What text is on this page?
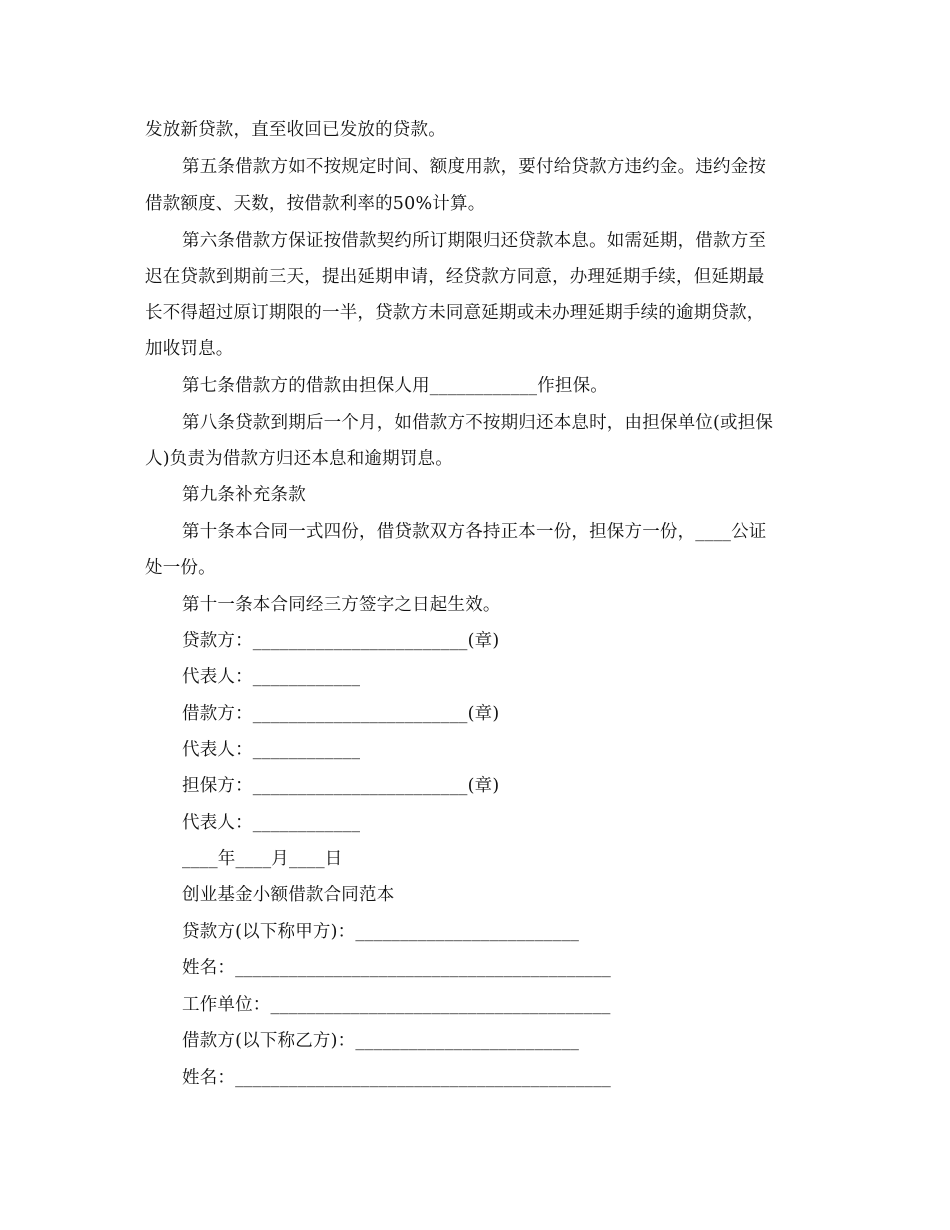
发放新贷款，直至收回已发放的贷款。
第五条借款方如不按规定时间、额度用款，要付给贷款方违约金。违约金按
借款额度、天数，按借款利率的50%计算。
第六条借款方保证按借款契约所订期限归还贷款本息。如需延期，借款方至
迟在贷款到期前三天，提出延期申请，经贷款方同意，办理延期手续，但延期最
长不得超过原订期限的一半，贷款方未同意延期或未办理延期手续的逾期贷款，
加收罚息。
第七条借款方的借款由担保人用____________作担保。
第八条贷款到期后一个月，如借款方不按期归还本息时，由担保单位(或担保
人)负责为借款方归还本息和逾期罚息。
第九条补充条款
第十条本合同一式四份，借贷款双方各持正本一份，担保方一份，____公证
处一份。
第十一条本合同经三方签字之日起生效。
贷款方：________________________(章)
代表人：____________
借款方：________________________(章)
代表人：____________
担保方：________________________(章)
代表人：____________
____年____月____日
创业基金小额借款合同范本
贷款方(以下称甲方)：_________________________
姓名：__________________________________________
工作单位：______________________________________
借款方(以下称乙方)：_________________________
姓名：__________________________________________
